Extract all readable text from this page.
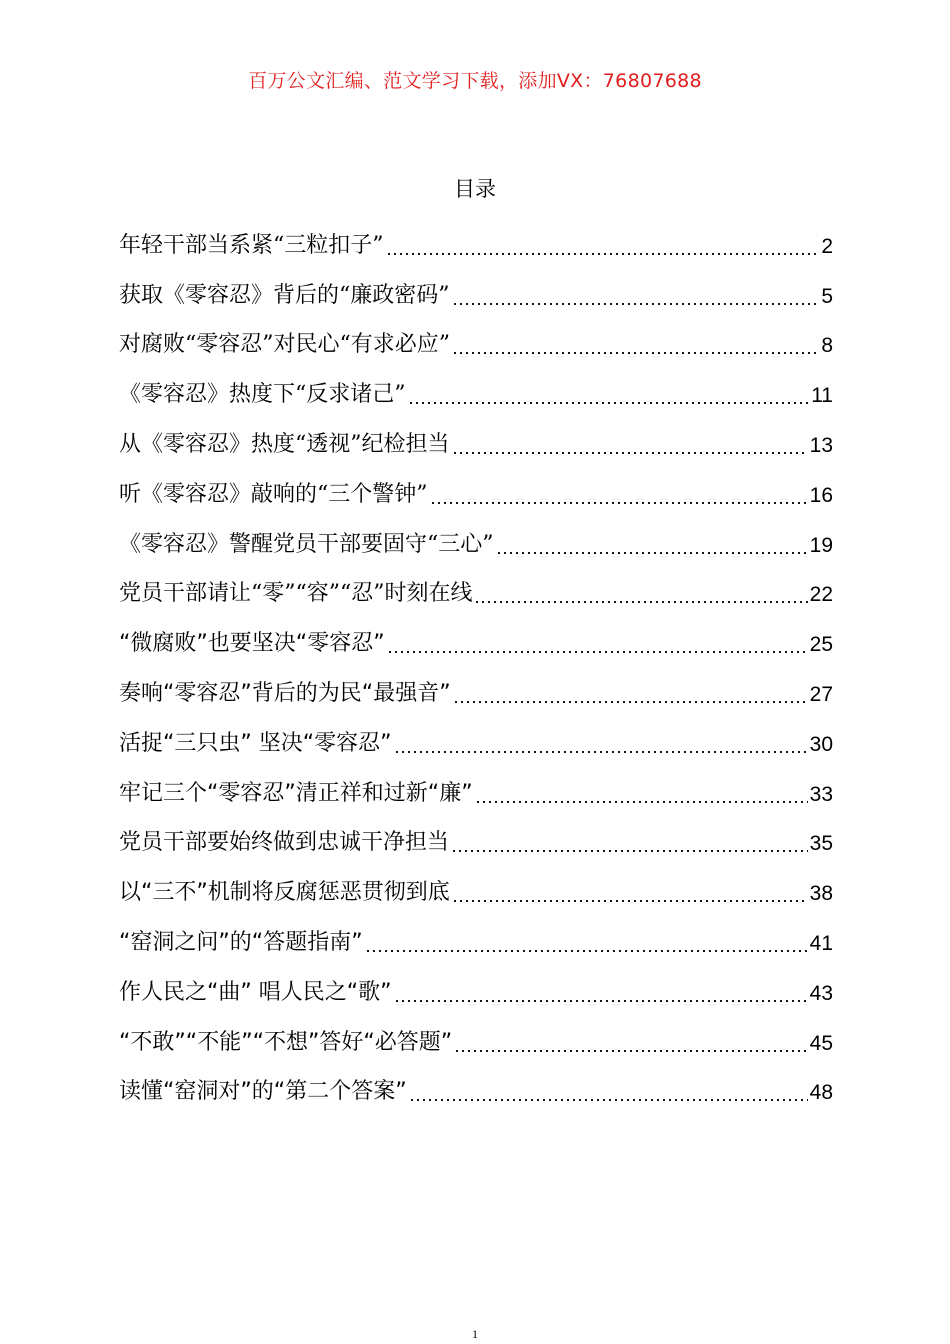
百万公文汇编、范文学习下载，添加VX：76807688
目录
年轻干部当系紧“三粒扣子”	2
获取《零容忍》背后的“廉政密码”	5
对腐败“零容忍”对民心“有求必应”	8
《零容忍》热度下“反求诸己”	11
从《零容忍》热度“透视”纪检担当	13
听《零容忍》敲响的“三个警钟”	16
《零容忍》警醒党员干部要固守“三心”	19
党员干部请让“零”“容”“忍”时刻在线	22
“微腐败”也要坚决“零容忍”	25
奏响“零容忍”背后的为民“最强音”	27
活捉“三只虫” 坚决“零容忍”	30
牢记三个“零容忍”清正祥和过新“廉”	33
党员干部要始终做到忠诚干净担当	35
以“三不”机制将反腐惩恶贯彻到底	38
“窑洞之问”的“答题指南”	41
作人民之“曲” 唱人民之“歌”	43
“不敢”“不能”“不想”答好“必答题”	45
读懂“窑洞对”的“第二个答案”	48
1
